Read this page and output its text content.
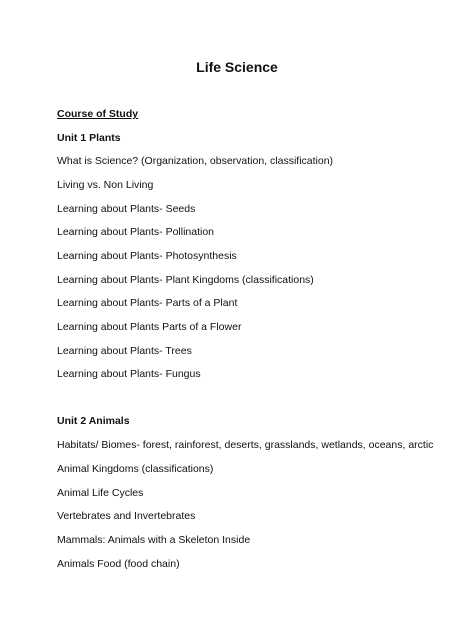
Life Science
Course of Study
Unit 1 Plants
What is Science? (Organization, observation, classification)
Living vs. Non Living
Learning about Plants- Seeds
Learning about Plants- Pollination
Learning about Plants- Photosynthesis
Learning about Plants- Plant Kingdoms (classifications)
Learning about Plants- Parts of a Plant
Learning about Plants Parts of a Flower
Learning about Plants- Trees
Learning about Plants- Fungus
Unit 2 Animals
Habitats/ Biomes- forest, rainforest, deserts, grasslands, wetlands, oceans, arctic
Animal Kingdoms (classifications)
Animal Life Cycles
Vertebrates and Invertebrates
Mammals: Animals with a Skeleton Inside
Animals Food (food chain)
